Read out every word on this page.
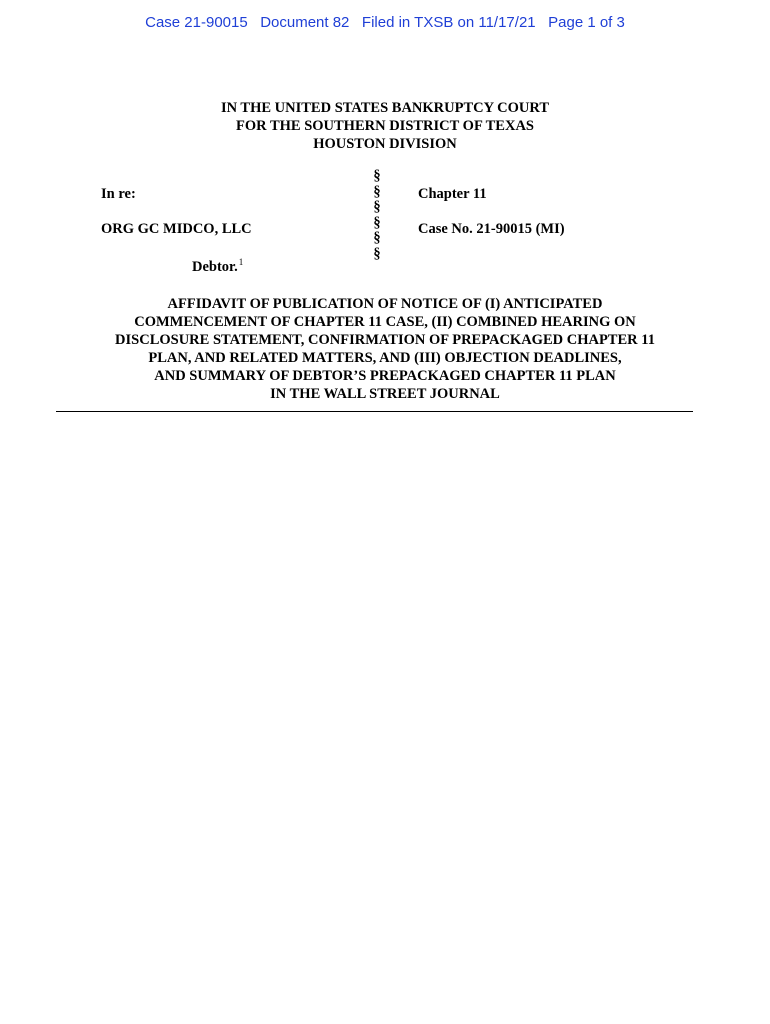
Case 21-90015   Document 82   Filed in TXSB on 11/17/21   Page 1 of 3
IN THE UNITED STATES BANKRUPTCY COURT
FOR THE SOUTHERN DISTRICT OF TEXAS
HOUSTON DIVISION
In re:
ORG GC MIDCO, LLC
Debtor.$^1$
§
§
§
§
§
§
Chapter 11
Case No. 21-90015 (MI)
AFFIDAVIT OF PUBLICATION OF NOTICE OF (I) ANTICIPATED
COMMENCEMENT OF CHAPTER 11 CASE, (II) COMBINED HEARING ON
DISCLOSURE STATEMENT, CONFIRMATION OF PREPACKAGED CHAPTER 11
PLAN, AND RELATED MATTERS, AND (III) OBJECTION DEADLINES,
AND SUMMARY OF DEBTOR’S PREPACKAGED CHAPTER 11 PLAN
IN THE WALL STREET JOURNAL
